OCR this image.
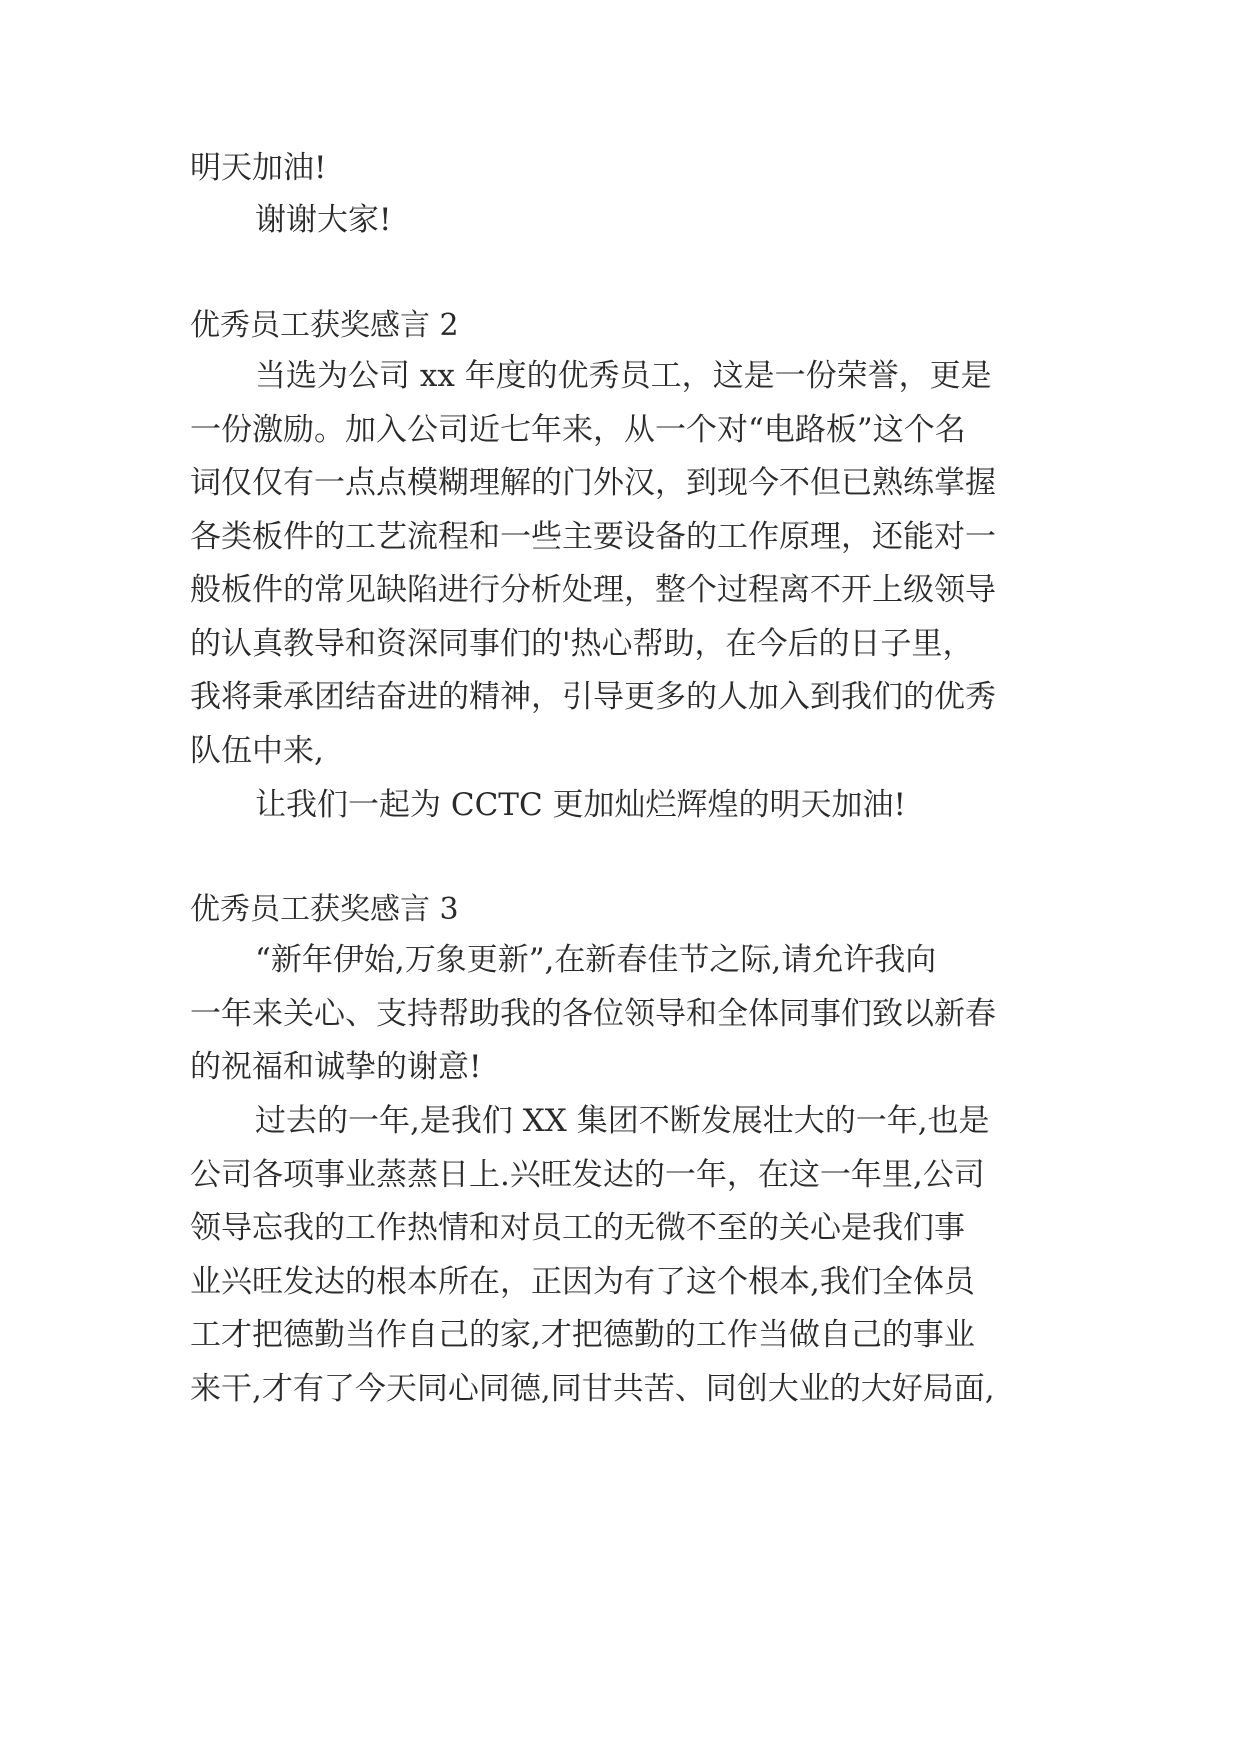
明天加油!
谢谢大家!
优秀员工获奖感言 2
当选为公司 xx 年度的优秀员工，这是一份荣誉，更是
一份激励。加入公司近七年来，从一个对“电路板”这个名
词仅仅有一点点模糊理解的门外汉，到现今不但已熟练掌握
各类板件的工艺流程和一些主要设备的工作原理，还能对一
般板件的常见缺陷进行分析处理，整个过程离不开上级领导
的认真教导和资深同事们的'热心帮助，在今后的日子里，
我将秉承团结奋进的精神，引导更多的人加入到我们的优秀
队伍中来,
让我们一起为 CCTC 更加灿烂辉煌的明天加油!
优秀员工获奖感言 3
“新年伊始,万象更新”,在新春佳节之际,请允许我向
一年来关心、支持帮助我的各位领导和全体同事们致以新春
的祝福和诚挚的谢意!
过去的一年,是我们 XX 集团不断发展壮大的一年,也是
公司各项事业蒸蒸日上.兴旺发达的一年，在这一年里,公司
领导忘我的工作热情和对员工的无微不至的关心是我们事
业兴旺发达的根本所在，正因为有了这个根本,我们全体员
工才把德勤当作自己的家,才把德勤的工作当做自己的事业
来干,才有了今天同心同德,同甘共苦、同创大业的大好局面,
